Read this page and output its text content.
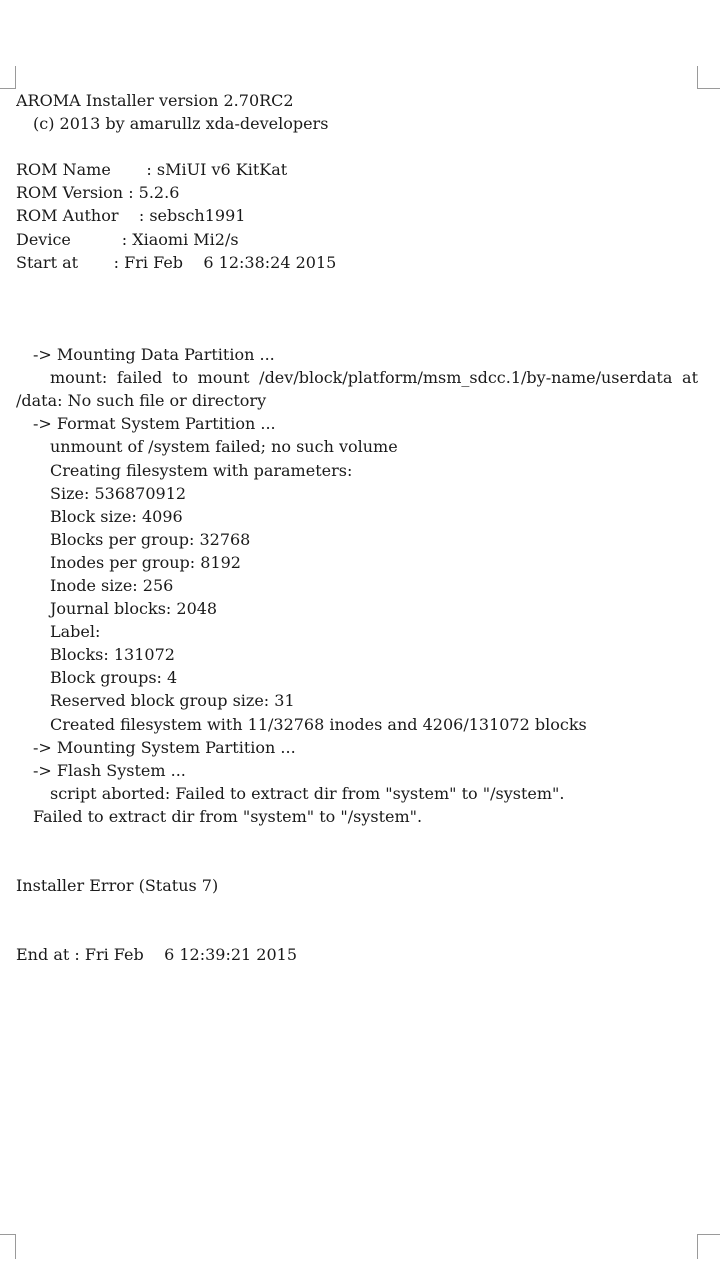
AROMA Installer version 2.70RC2
(c) 2013 by amarullz xda-developers
ROM Name       : sMiUI v6 KitKat
ROM Version : 5.2.6
ROM Author    : sebsch1991
Device          : Xiaomi Mi2/s
Start at       : Fri Feb    6 12:38:24 2015
-> Mounting Data Partition ...
mount: failed to mount /dev/block/platform/msm_sdcc.1/by-name/userdata at
/data: No such file or directory
-> Format System Partition ...
unmount of /system failed; no such volume
Creating filesystem with parameters:
Size: 536870912
Block size: 4096
Blocks per group: 32768
Inodes per group: 8192
Inode size: 256
Journal blocks: 2048
Label:
Blocks: 131072
Block groups: 4
Reserved block group size: 31
Created filesystem with 11/32768 inodes and 4206/131072 blocks
-> Mounting System Partition ...
-> Flash System ...
script aborted: Failed to extract dir from "system" to "/system".
Failed to extract dir from "system" to "/system".
Installer Error (Status 7)
End at : Fri Feb    6 12:39:21 2015
